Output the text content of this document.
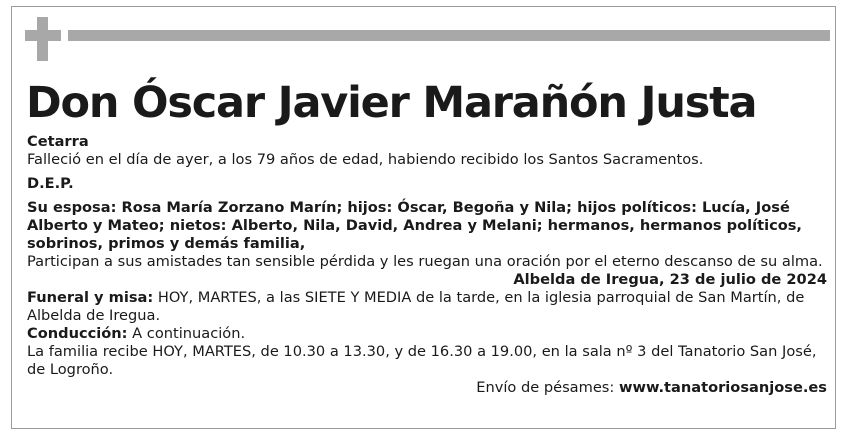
Don Óscar Javier Marañón Justa

Cetarra

Falleció en el día de ayer, a los 79 años de edad, habiendo recibido los Santos Sacramentos.

D.E.P.

Su esposa: Rosa María Zorzano Marín; hijos: Óscar, Begoña y Nila; hijos políticos: Lucía, José Alberto y Mateo; nietos: Alberto, Nila, David, Andrea y Melani; hermanos, hermanos políticos, sobrinos, primos y demás familia,

Participan a sus amistades tan sensible pérdida y les ruegan una oración por el eterno descanso de su alma.

Albelda de Iregua, 23 de julio de 2024

Funeral y misa: HOY, MARTES, a las SIETE Y MEDIA de la tarde, en la iglesia parroquial de San Martín, de Albelda de Iregua.

Conducción: A continuación.

La familia recibe HOY, MARTES, de 10.30 a 13.30, y de 16.30 a 19.00, en la sala nº 3 del Tanatorio San José, de Logroño.

Envío de pésames: www.tanatoriosanjose.es
